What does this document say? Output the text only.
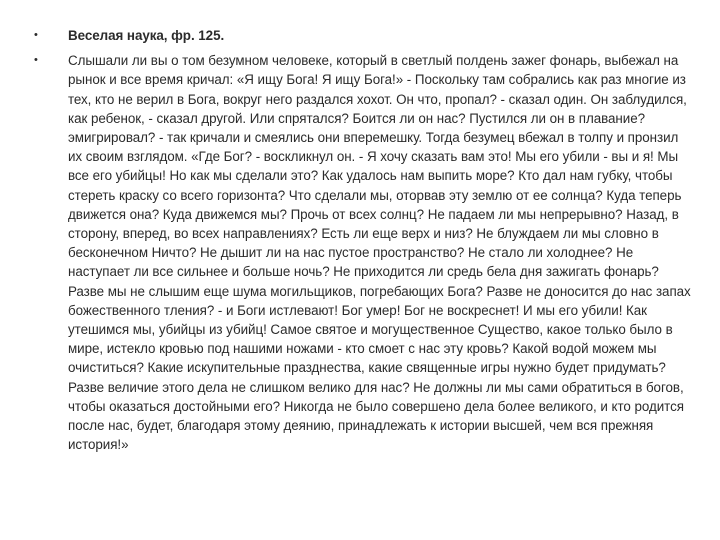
• Веселая наука, фр. 125.
• Слышали ли вы о том безумном человеке, который в светлый полдень зажег фонарь, выбежал на рынок и все время кричал: «Я ищу Бога! Я ищу Бога!» - Поскольку там собрались как раз многие из тех, кто не верил в Бога, вокруг него раздался хохот. Он что, пропал? - сказал один. Он заблудился, как ребенок, - сказал другой. Или спрятался? Боится ли он нас? Пустился ли он в плавание? эмигрировал? - так кричали и смеялись они вперемешку. Тогда безумец вбежал в толпу и пронзил их своим взглядом. «Где Бог? - воскликнул он. - Я хочу сказать вам это! Мы его убили - вы и я! Мы все его убийцы! Но как мы сделали это? Как удалось нам выпить море? Кто дал нам губку, чтобы стереть краску со всего горизонта? Что сделали мы, оторвав эту землю от ее солнца? Куда теперь движется она? Куда движемся мы? Прочь от всех солнц? Не падаем ли мы непрерывно? Назад, в сторону, вперед, во всех направлениях? Есть ли еще верх и низ? Не блуждаем ли мы словно в бесконечном Ничто? Не дышит ли на нас пустое пространство? Не стало ли холоднее? Не наступает ли все сильнее и больше ночь? Не приходится ли средь бела дня зажигать фонарь? Разве мы не слышим еще шума могильщиков, погребающих Бога? Разве не доносится до нас запах божественного тления? - и Боги истлевают! Бог умер! Бог не воскреснет! И мы его убили! Как утешимся мы, убийцы из убийц! Самое святое и могущественное Существо, какое только было в мире, истекло кровью под нашими ножами - кто смоет с нас эту кровь? Какой водой можем мы очиститься? Какие искупительные празднества, какие священные игры нужно будет придумать? Разве величие этого дела не слишком велико для нас? Не должны ли мы сами обратиться в богов, чтобы оказаться достойными его? Никогда не было совершено дела более великого, и кто родится после нас, будет, благодаря этому деянию, принадлежать к истории высшей, чем вся прежняя история!»
